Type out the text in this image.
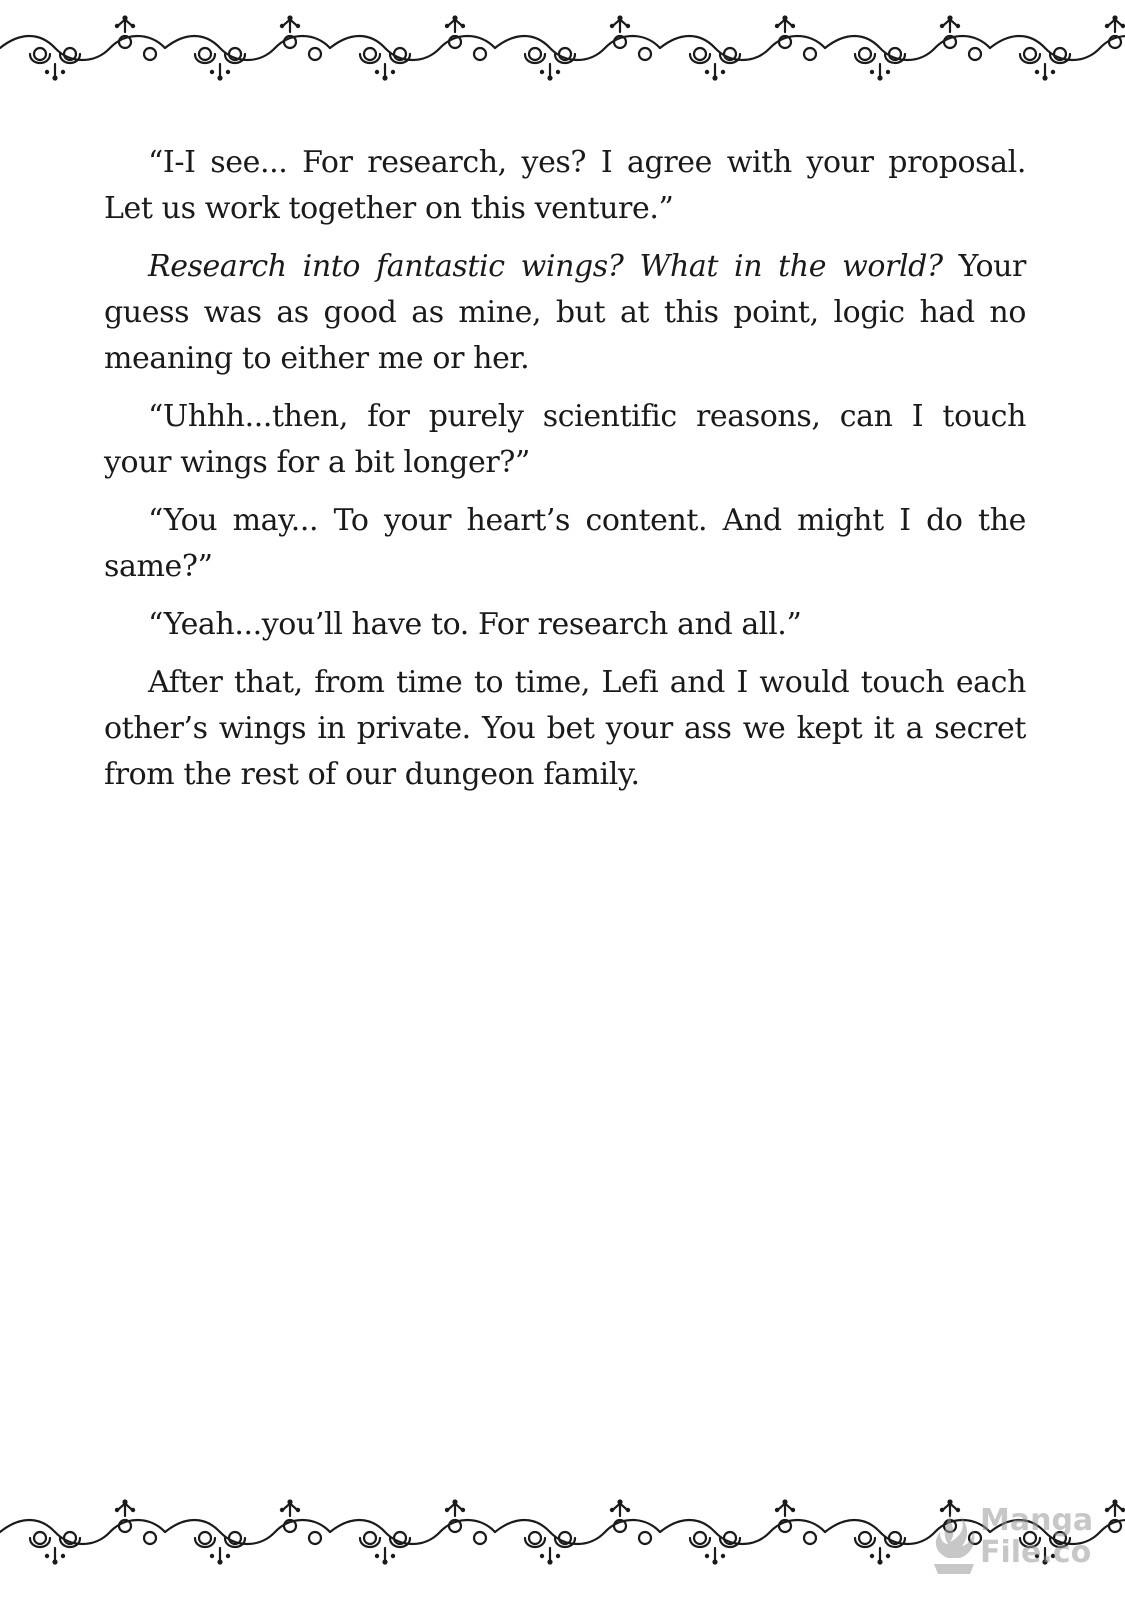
“I-I see... For research, yes? I agree with your proposal. Let us work together on this venture.”

Research into fantastic wings? What in the world? Your guess was as good as mine, but at this point, logic had no meaning to either me or her.

“Uhhh...then, for purely scientific reasons, can I touch your wings for a bit longer?”

“You may... To your heart’s content. And might I do the same?”

“Yeah...you’ll have to. For research and all.”

After that, from time to time, Lefi and I would touch each other’s wings in private. You bet your ass we kept it a secret from the rest of our dungeon family.

Manga
File.co
